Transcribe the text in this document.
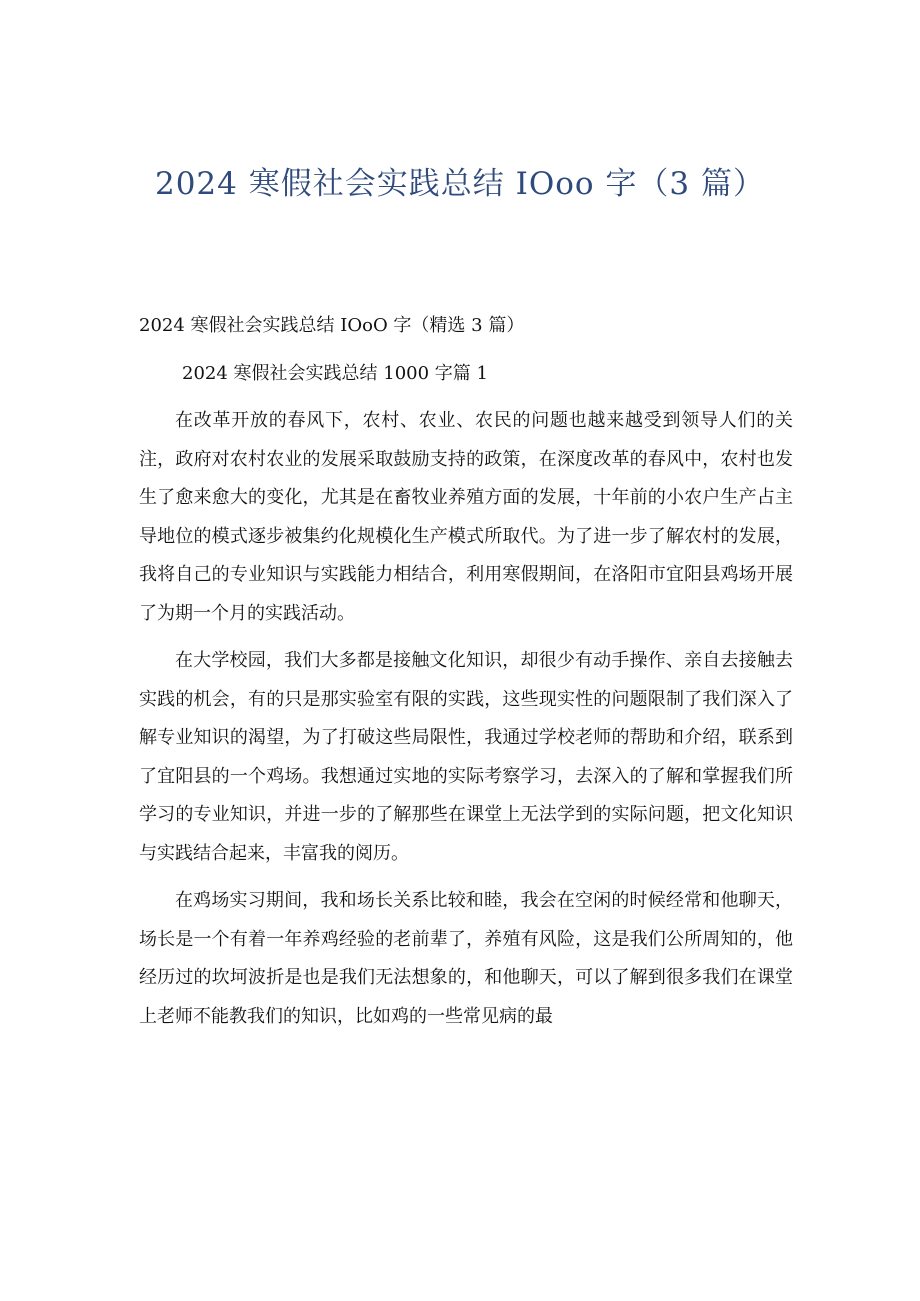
2024 寒假社会实践总结 IOoo 字（3 篇）

2024 寒假社会实践总结 IOoO 字（精选 3 篇）

2024 寒假社会实践总结 1000 字篇 1

在改革开放的春风下，农村、农业、农民的问题也越来越受到领导人们的关注，政府对农村农业的发展采取鼓励支持的政策，在深度改革的春风中，农村也发生了愈来愈大的变化，尤其是在畜牧业养殖方面的发展，十年前的小农户生产占主导地位的模式逐步被集约化规模化生产模式所取代。为了进一步了解农村的发展，我将自己的专业知识与实践能力相结合，利用寒假期间，在洛阳市宜阳县鸡场开展了为期一个月的实践活动。

在大学校园，我们大多都是接触文化知识，却很少有动手操作、亲自去接触去实践的机会，有的只是那实验室有限的实践，这些现实性的问题限制了我们深入了解专业知识的渴望，为了打破这些局限性，我通过学校老师的帮助和介绍，联系到了宜阳县的一个鸡场。我想通过实地的实际考察学习，去深入的了解和掌握我们所学习的专业知识，并进一步的了解那些在课堂上无法学到的实际问题，把文化知识与实践结合起来，丰富我的阅历。

在鸡场实习期间，我和场长关系比较和睦，我会在空闲的时候经常和他聊天，场长是一个有着一年养鸡经验的老前辈了，养殖有风险，这是我们公所周知的，他经历过的坎坷波折是也是我们无法想象的，和他聊天，可以了解到很多我们在课堂上老师不能教我们的知识，比如鸡的一些常见病的最
